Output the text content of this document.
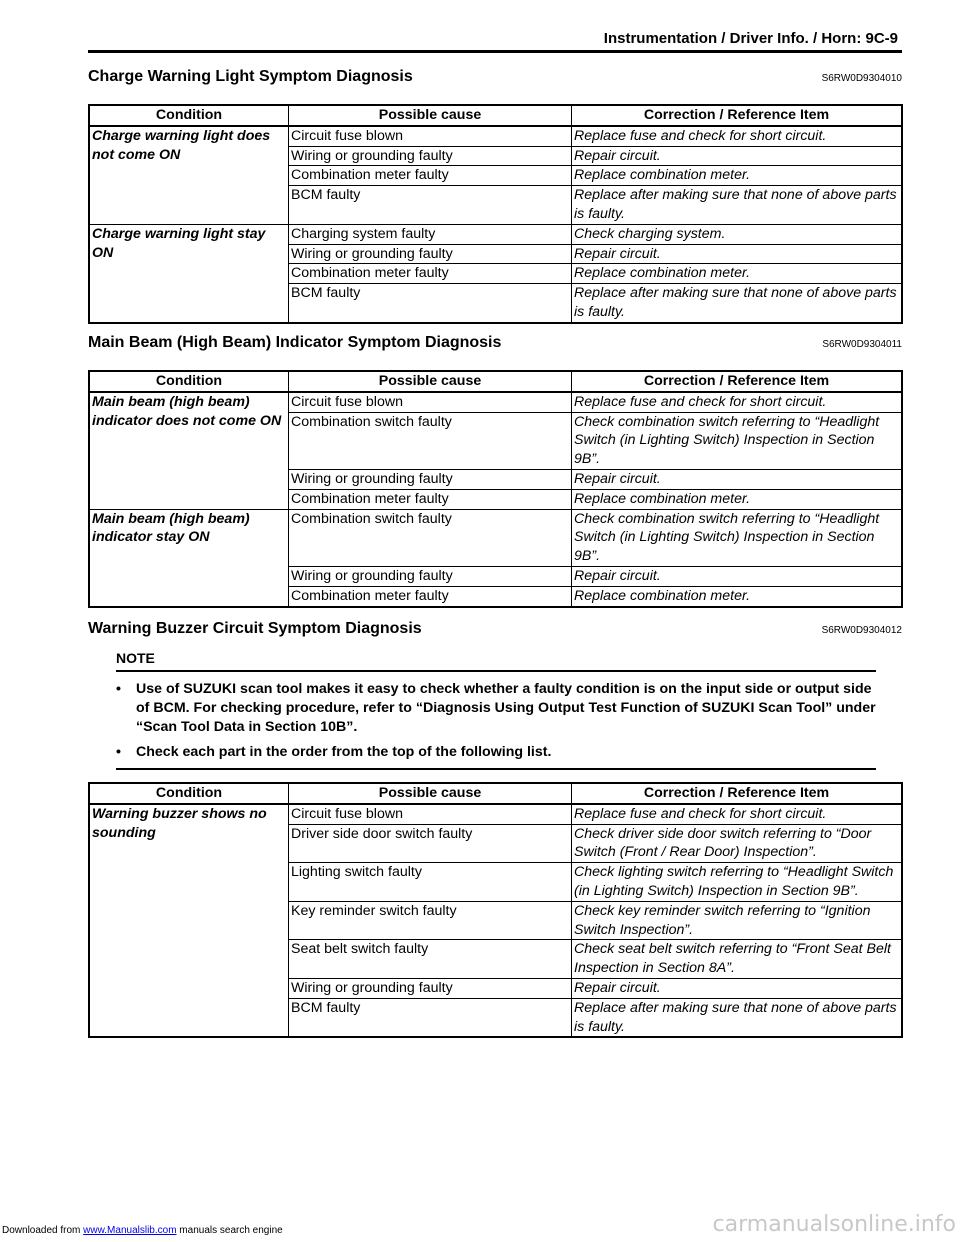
Instrumentation / Driver Info. / Horn: 9C-9
Charge Warning Light Symptom Diagnosis	S6RW0D9304010
Condition	Possible cause	Correction / Reference Item
Charge warning light does not come ON	Circuit fuse blown	Replace fuse and check for short circuit.
	Wiring or grounding faulty	Repair circuit.
	Combination meter faulty	Replace combination meter.
	BCM faulty	Replace after making sure that none of above parts is faulty.
Charge warning light stay ON	Charging system faulty	Check charging system.
	Wiring or grounding faulty	Repair circuit.
	Combination meter faulty	Replace combination meter.
	BCM faulty	Replace after making sure that none of above parts is faulty.
Main Beam (High Beam) Indicator Symptom Diagnosis	S6RW0D9304011
Condition	Possible cause	Correction / Reference Item
Main beam (high beam) indicator does not come ON	Circuit fuse blown	Replace fuse and check for short circuit.
	Combination switch faulty	Check combination switch referring to “Headlight Switch (in Lighting Switch) Inspection in Section 9B”.
	Wiring or grounding faulty	Repair circuit.
	Combination meter faulty	Replace combination meter.
Main beam (high beam) indicator stay ON	Combination switch faulty	Check combination switch referring to “Headlight Switch (in Lighting Switch) Inspection in Section 9B”.
	Wiring or grounding faulty	Repair circuit.
	Combination meter faulty	Replace combination meter.
Warning Buzzer Circuit Symptom Diagnosis	S6RW0D9304012
NOTE
• Use of SUZUKI scan tool makes it easy to check whether a faulty condition is on the input side or output side of BCM. For checking procedure, refer to “Diagnosis Using Output Test Function of SUZUKI Scan Tool” under “Scan Tool Data in Section 10B”.
• Check each part in the order from the top of the following list.
Condition	Possible cause	Correction / Reference Item
Warning buzzer shows no sounding	Circuit fuse blown	Replace fuse and check for short circuit.
	Driver side door switch faulty	Check driver side door switch referring to “Door Switch (Front / Rear Door) Inspection”.
	Lighting switch faulty	Check lighting switch referring to “Headlight Switch (in Lighting Switch) Inspection in Section 9B”.
	Key reminder switch faulty	Check key reminder switch referring to “Ignition Switch Inspection”.
	Seat belt switch faulty	Check seat belt switch referring to “Front Seat Belt Inspection in Section 8A”.
	Wiring or grounding faulty	Repair circuit.
	BCM faulty	Replace after making sure that none of above parts is faulty.
Downloaded from www.Manualslib.com manuals search engine	carmanualsonline.info
